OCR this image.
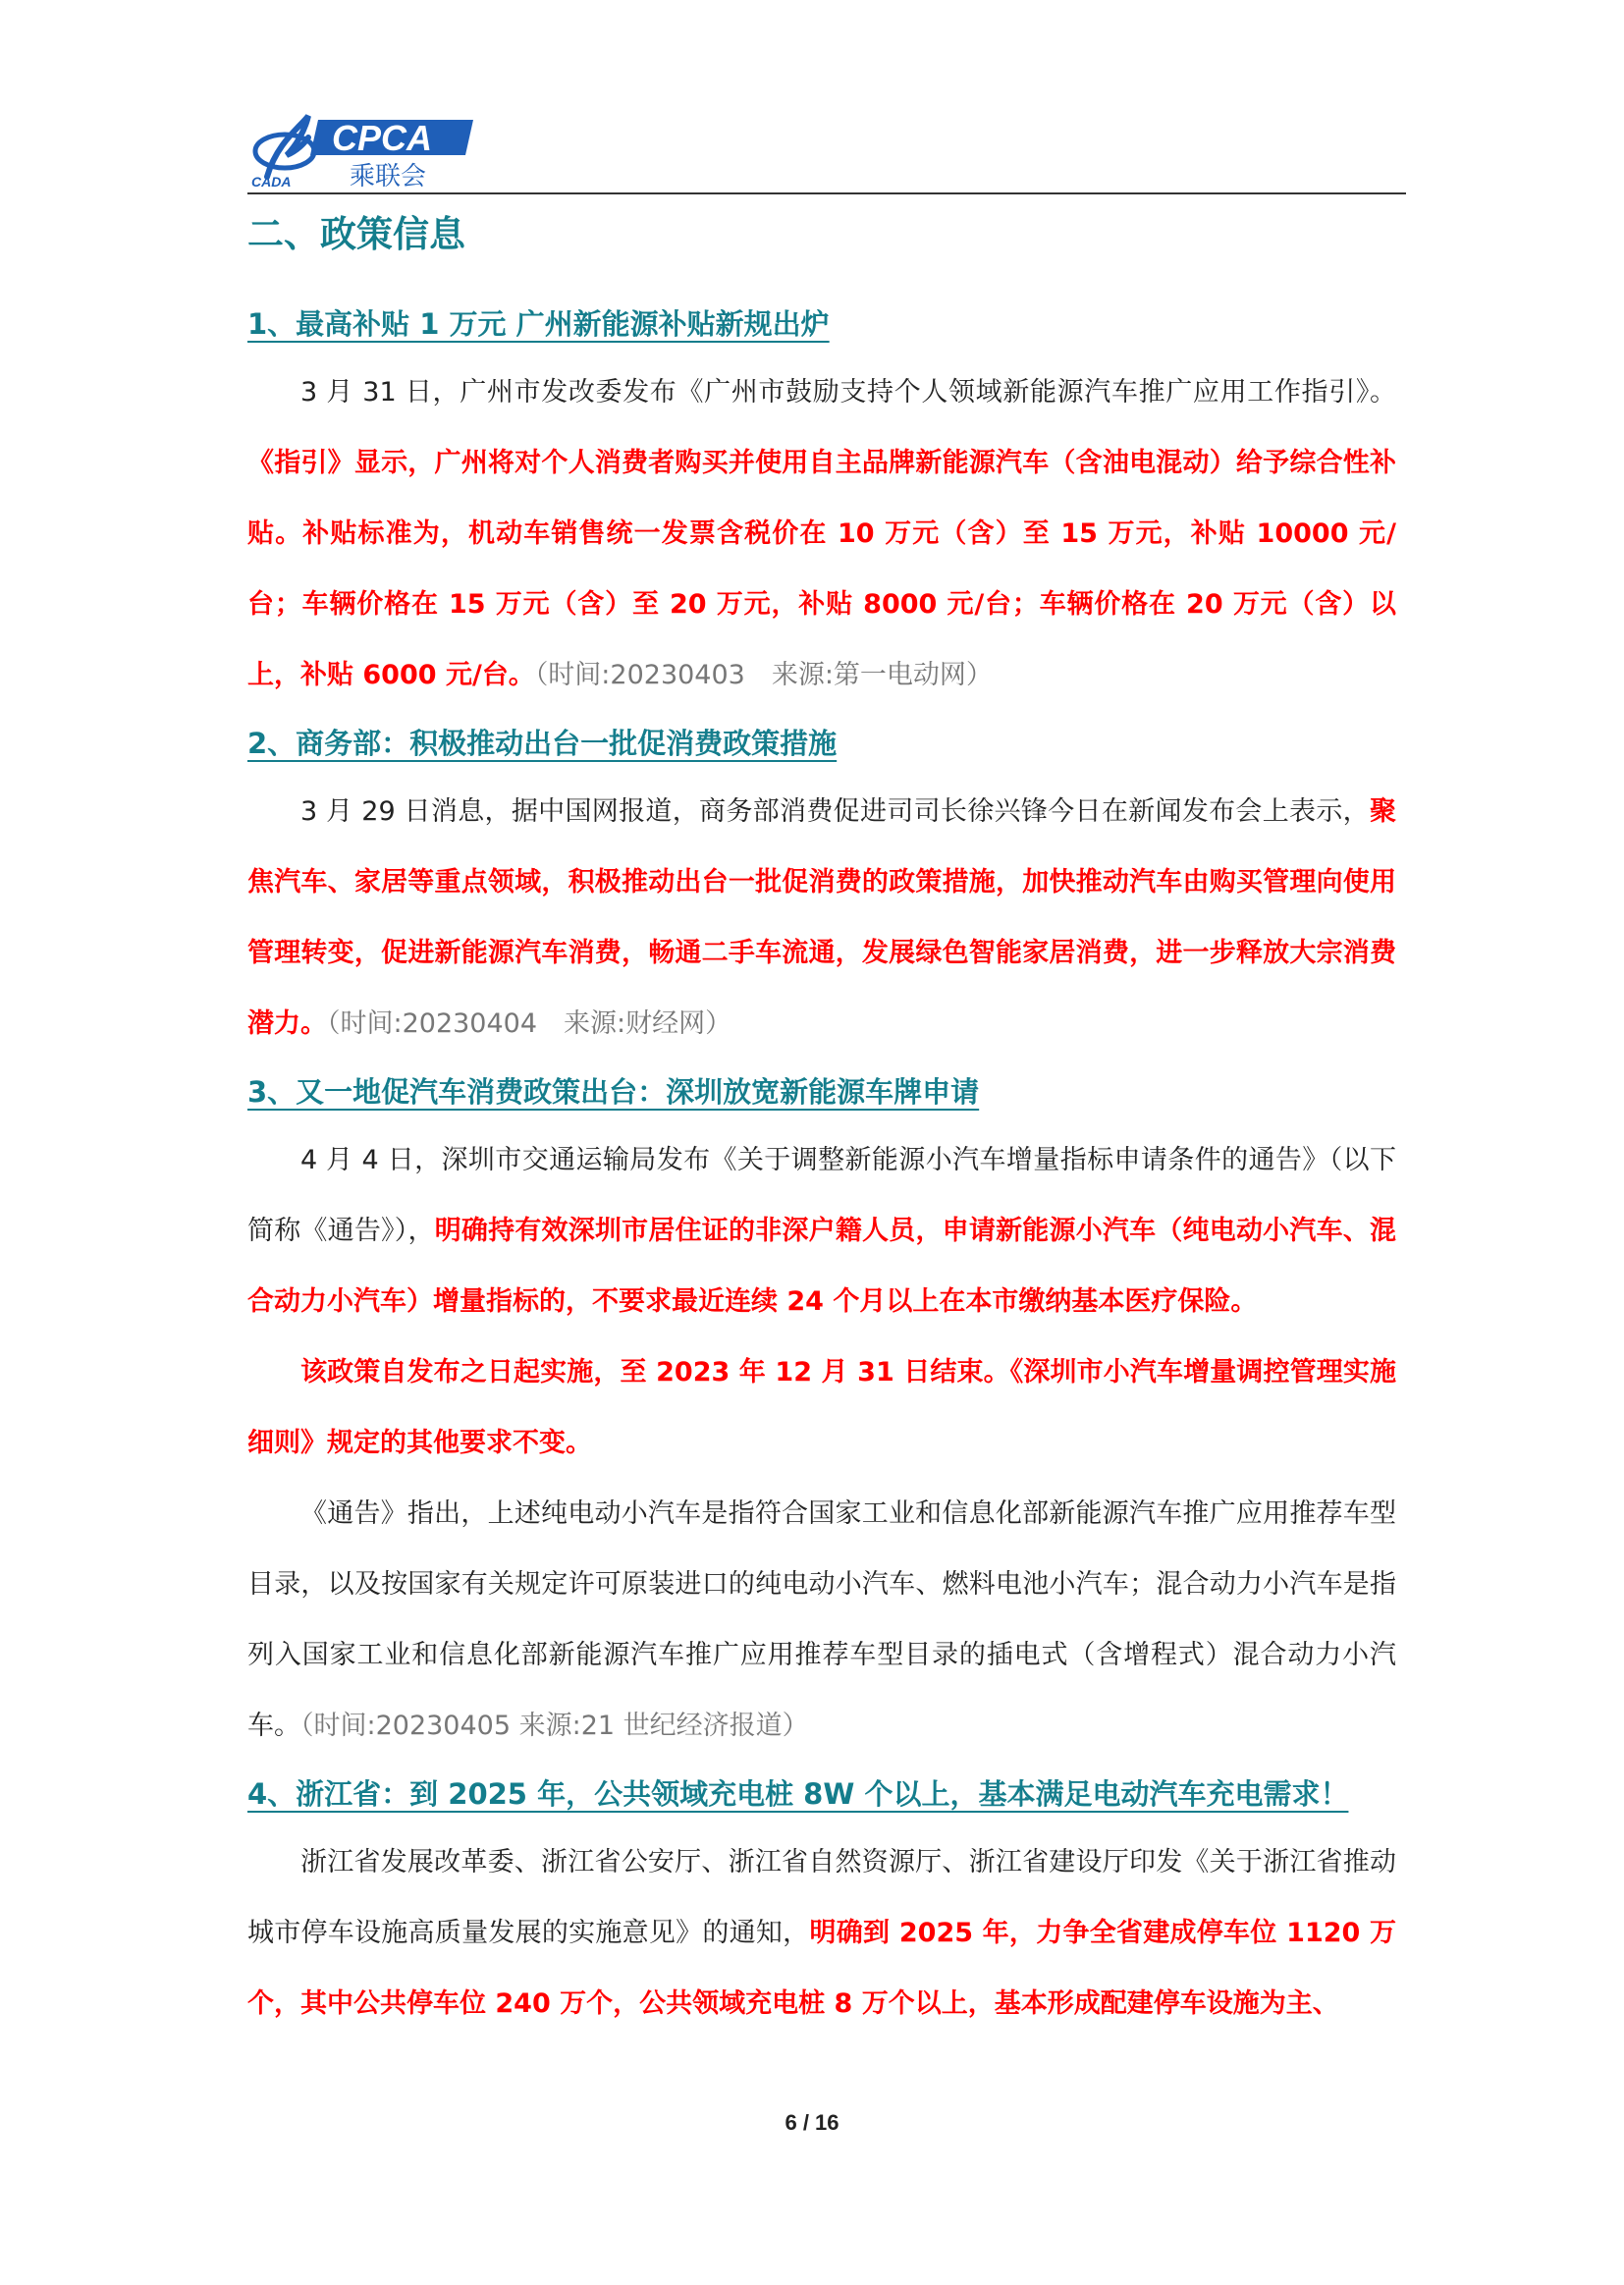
CADA
CPCA
乘联会
二、政策信息
1、最高补贴 1 万元 广州新能源补贴新规出炉

3 月 31 日，广州市发改委发布《广州市鼓励支持个人领域新能源汽车推广应用工作指引》。《指引》显示，广州将对个人消费者购买并使用自主品牌新能源汽车（含油电混动）给予综合性补贴。补贴标准为，机动车销售统一发票含税价在 10 万元（含）至 15 万元，补贴 10000 元/台；车辆价格在 15 万元（含）至 20 万元，补贴 8000 元/台；车辆价格在 20 万元（含）以上，补贴 6000 元/台。（时间:20230403　来源:第一电动网）

2、商务部：积极推动出台一批促消费政策措施

3 月 29 日消息，据中国网报道，商务部消费促进司司长徐兴锋今日在新闻发布会上表示，聚焦汽车、家居等重点领域，积极推动出台一批促消费的政策措施，加快推动汽车由购买管理向使用管理转变，促进新能源汽车消费，畅通二手车流通，发展绿色智能家居消费，进一步释放大宗消费潜力。（时间:20230404　来源:财经网）

3、又一地促汽车消费政策出台：深圳放宽新能源车牌申请

4 月 4 日，深圳市交通运输局发布《关于调整新能源小汽车增量指标申请条件的通告》（以下简称《通告》），明确持有效深圳市居住证的非深户籍人员，申请新能源小汽车（纯电动小汽车、混合动力小汽车）增量指标的，不要求最近连续 24 个月以上在本市缴纳基本医疗保险。

该政策自发布之日起实施，至 2023 年 12 月 31 日结束。《深圳市小汽车增量调控管理实施细则》规定的其他要求不变。

《通告》指出，上述纯电动小汽车是指符合国家工业和信息化部新能源汽车推广应用推荐车型目录，以及按国家有关规定许可原装进口的纯电动小汽车、燃料电池小汽车；混合动力小汽车是指列入国家工业和信息化部新能源汽车推广应用推荐车型目录的插电式（含增程式）混合动力小汽车。（时间:20230405 来源:21 世纪经济报道）

4、浙江省：到 2025 年，公共领域充电桩 8W 个以上，基本满足电动汽车充电需求！

浙江省发展改革委、浙江省公安厅、浙江省自然资源厅、浙江省建设厅印发《关于浙江省推动城市停车设施高质量发展的实施意见》的通知，明确到 2025 年，力争全省建成停车位 1120 万个，其中公共停车位 240 万个，公共领域充电桩 8 万个以上，基本形成配建停车设施为主、

6 / 16
